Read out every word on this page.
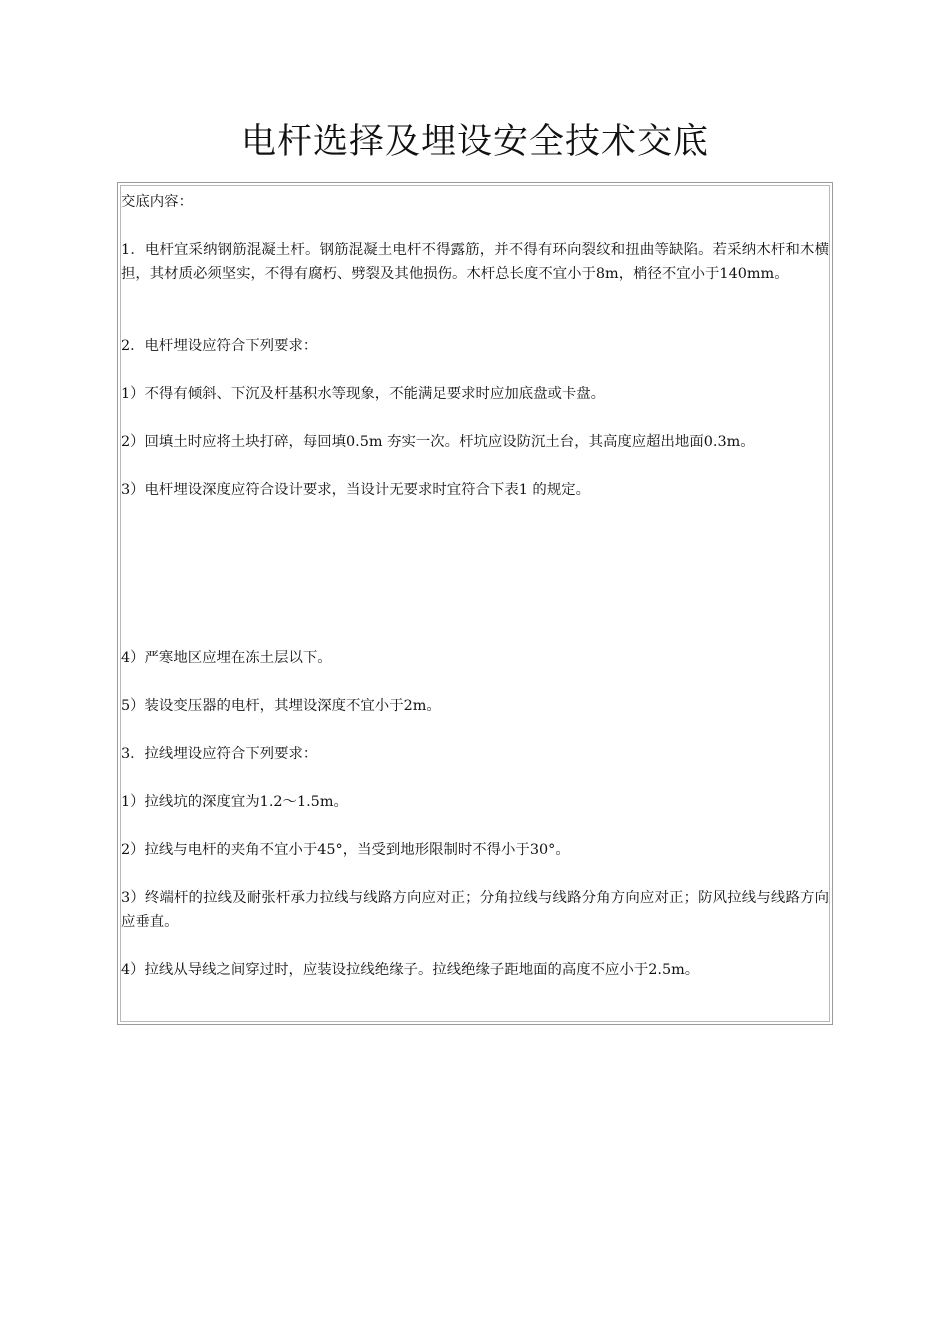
电杆选择及埋设安全技术交底
交底内容：
1．电杆宜采纳钢筋混凝土杆。钢筋混凝土电杆不得露筋，并不得有环向裂纹和扭曲等缺陷。若采纳木杆和木横担，其材质必须坚实，不得有腐朽、劈裂及其他损伤。木杆总长度不宜小于8m，梢径不宜小于140mm。
2．电杆埋设应符合下列要求：
1）不得有倾斜、下沉及杆基积水等现象，不能满足要求时应加底盘或卡盘。
2）回填土时应将土块打碎，每回填0.5m 夯实一次。杆坑应设防沉土台，其高度应超出地面0.3m。
3）电杆埋设深度应符合设计要求，当设计无要求时宜符合下表1 的规定。
4）严寒地区应埋在冻土层以下。
5）装设变压器的电杆，其埋设深度不宜小于2m。
3．拉线埋设应符合下列要求：
1）拉线坑的深度宜为1.2～1.5m。
2）拉线与电杆的夹角不宜小于45°，当受到地形限制时不得小于30°。
3）终端杆的拉线及耐张杆承力拉线与线路方向应对正；分角拉线与线路分角方向应对正；防风拉线与线路方向应垂直。
4）拉线从导线之间穿过时，应装设拉线绝缘子。拉线绝缘子距地面的高度不应小于2.5m。
